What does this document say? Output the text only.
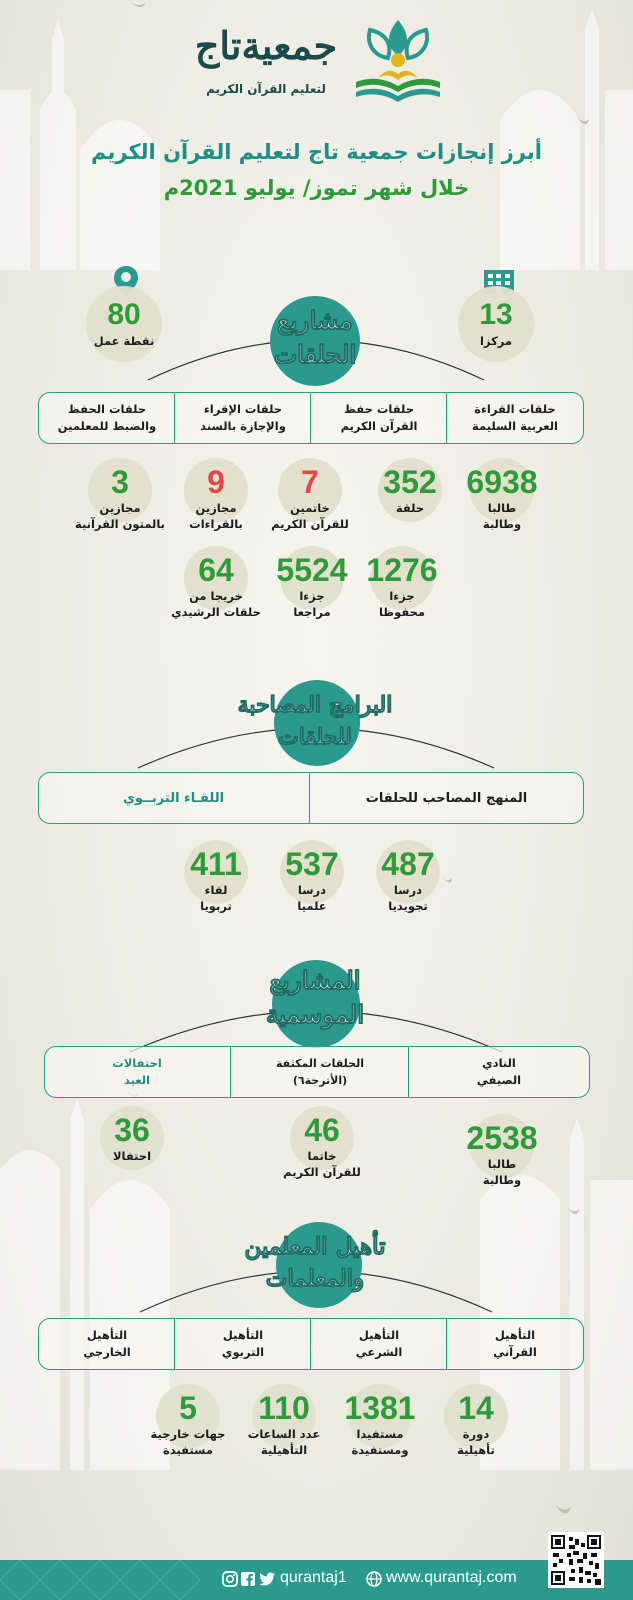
جمعيةتاج
لتعليم القرآن الكريم
أبرز إنجازات جمعية تاج لتعليم القرآن الكريم
خلال شهر تموز/ يوليو 2021م
13
مركزا
80
نقطة عمل
مشاريع
الحلقات
حلقات القراءة
العربية السليمة
حلقات حفظ
القرآن الكريم
حلقات الإقراء
والإجازة بالسند
حلقات الحفظ
والضبط للمعلمين
6938
طالبا
وطالبة
352
حلقة

7
خاتمين
للقرآن الكريم
9
مجازين
بالقراءات
3
مجازين
بالمتون القرآنية
1276
جزءا
محفوظا
5524
جزءا
مراجعا
64
خريجا من
حلقات الرشيدي
البرامج المصاحبة
للحلقات
المنهج المصاحب للحلقات
اللقـاء التربــوي
487
درسا
تجويديا
537
درسا
علميا
411
لقاء
تربويا
المشاريع
الموسمية
النادي
الصيفي
الحلقات المكثفة
(الأترجة٦)
احتفالات
العيد
2538
طالبا
وطالبة
46
خاتما
للقرآن الكريم
36
احتفالا

تأهيل المعلمين
والمعلمات
التأهيل
القرآني
التأهيل
الشرعي
التأهيل
التربوي
التأهيل
الخارجي
14
دورة
تأهيلية
1381
مستفيدا
ومستفيدة
110
عدد الساعات
التأهيلية
5
جهات خارجية
مستفيدة
qurantaj1 www.qurantaj.com
